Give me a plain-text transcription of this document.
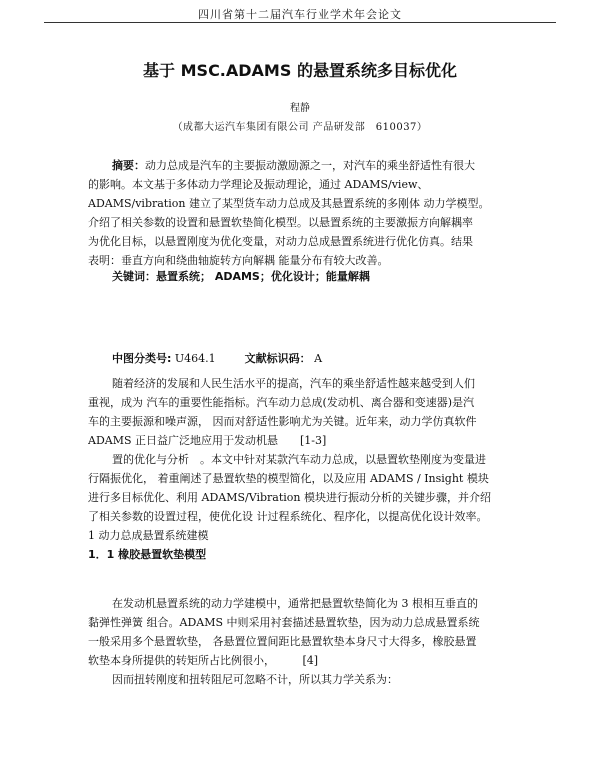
四川省第十二届汽车行业学术年会论文
基于 MSC.ADAMS 的悬置系统多目标优化
程静
（成都大运汽车集团有限公司 产品研发部　610037）
摘要：动力总成是汽车的主要振动激励源之一，对汽车的乘坐舒适性有很大
的影响。本文基于多体动力学理论及振动理论，通过 ADAMS/view、
ADAMS/vibration 建立了某型货车动力总成及其悬置系统的多刚体 动力学模型。
介绍了相关参数的设置和悬置软垫简化模型。以悬置系统的主要激振方向解耦率
为优化目标，以悬置刚度为优化变量，对动力总成悬置系统进行优化仿真。结果
表明：垂直方向和绕曲轴旋转方向解耦 能量分布有较大改善。
关键词：悬置系统； ADAMS；优化设计；能量解耦
中图分类号: U464.1	文献标识码： A
随着经济的发展和人民生活水平的提高，汽车的乘坐舒适性越来越受到人们
重视，成为 汽车的重要性能指标。汽车动力总成(发动机、离合器和变速器)是汽
车的主要振源和噪声源， 因而对舒适性影响尤为关键。近年来，动力学仿真软件
ADAMS 正日益广泛地应用于发动机悬　　[1-3]
置的优化与分析　。本文中针对某款汽车动力总成，以悬置软垫刚度为变量进
行隔振优化， 着重阐述了悬置软垫的模型简化，以及应用 ADAMS / Insight 模块
进行多目标优化、利用 ADAMS/Vibration 模块进行振动分析的关键步骤，并介绍
了相关参数的设置过程，使优化设 计过程系统化、程序化，以提高优化设计效率。
1 动力总成悬置系统建模
1．1 橡胶悬置软垫模型
在发动机悬置系统的动力学建模中，通常把悬置软垫简化为 3 根相互垂直的
黏弹性弹簧 组合。ADAMS 中则采用衬套描述悬置软垫，因为动力总成悬置系统
一般采用多个悬置软垫， 各悬置位置间距比悬置软垫本身尺寸大得多，橡胶悬置
软垫本身所提供的转矩所占比例很小，　　　[4]
因而扭转刚度和扭转阻尼可忽略不计，所以其力学关系为：
